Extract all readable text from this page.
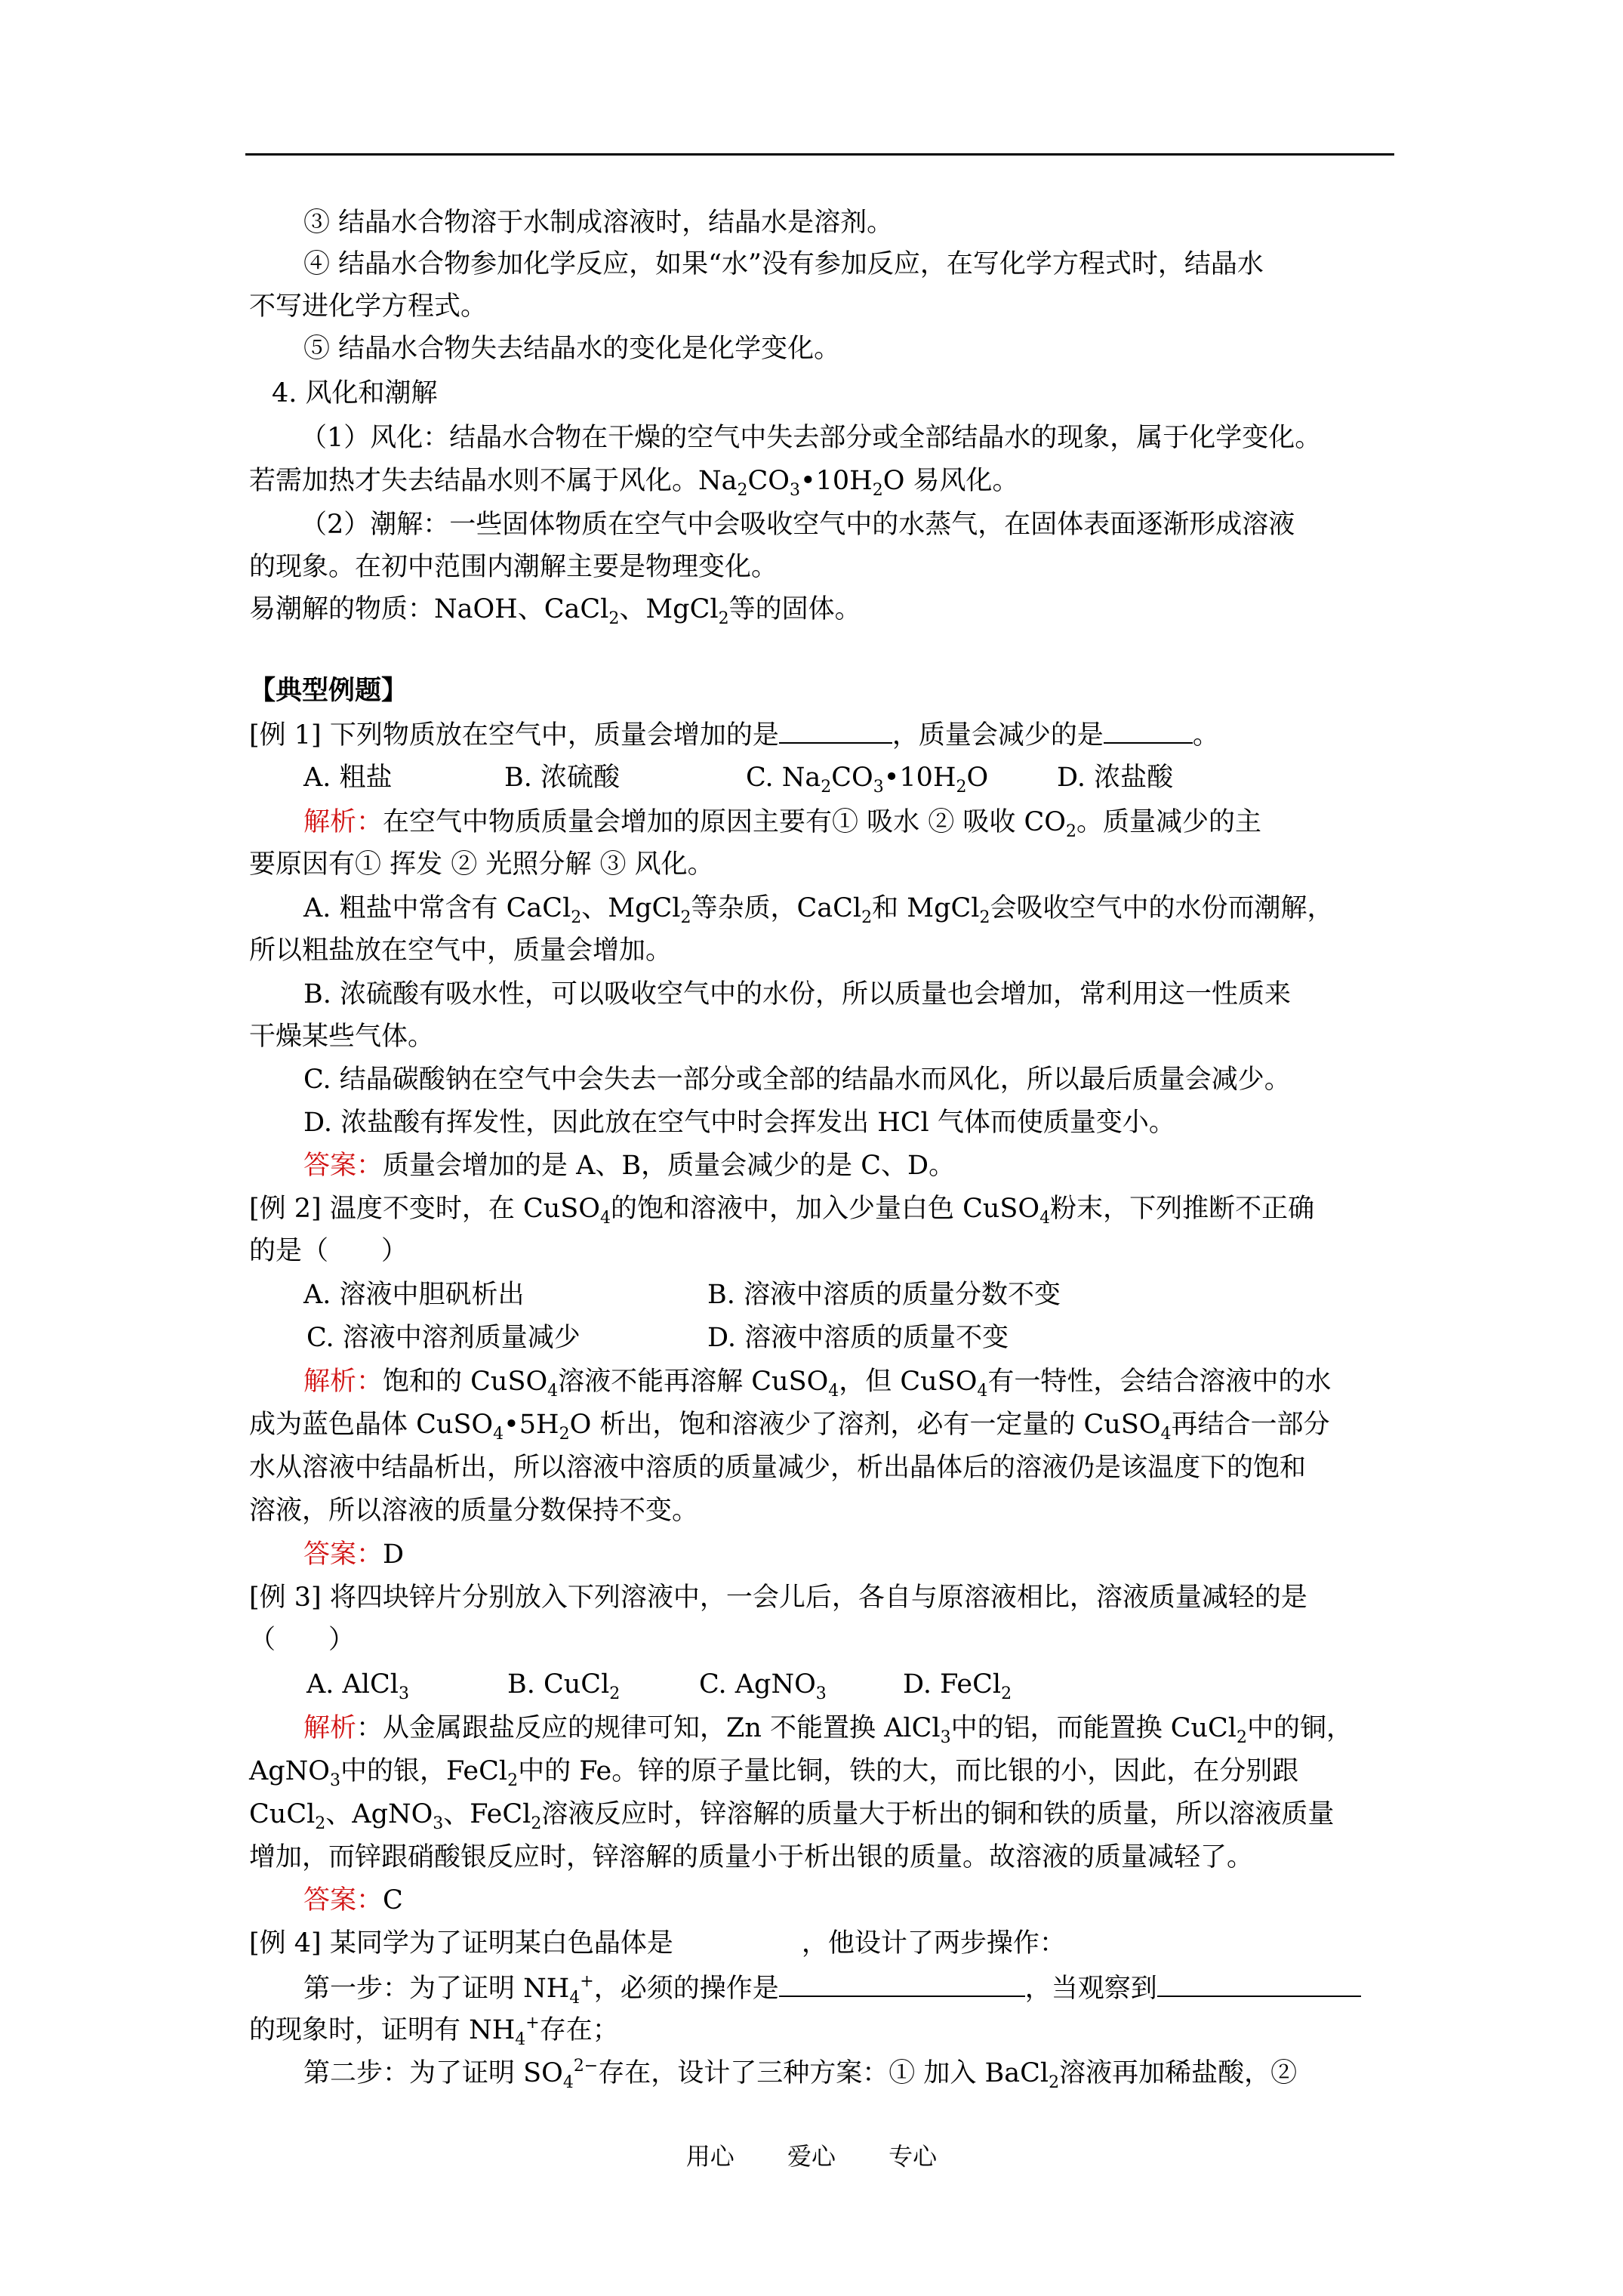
③ 结晶水合物溶于水制成溶液时，结晶水是溶剂。
④ 结晶水合物参加化学反应，如果“水”没有参加反应，在写化学方程式时，结晶水
不写进化学方程式。
⑤ 结晶水合物失去结晶水的变化是化学变化。
4. 风化和潮解
（1）风化：结晶水合物在干燥的空气中失去部分或全部结晶水的现象，属于化学变化。
若需加热才失去结晶水则不属于风化。$Na_2CO_3•10H_2O$ 易风化。
（2）潮解：一些固体物质在空气中会吸收空气中的水蒸气，在固体表面逐渐形成溶液
的现象。在初中范围内潮解主要是物理变化。
易潮解的物质：NaOH、CaCl$_2$、MgCl$_2$等的固体。
【典型例题】
[例 1] 下列物质放在空气中，质量会增加的是	，质量会减少的是	。
A. 粗盐	B. 浓硫酸	C. $Na_2CO_3•10H_2O$	D. 浓盐酸
解析：在空气中物质质量会增加的原因主要有① 吸水 ② 吸收 $CO_2$。质量减少的主
要原因有① 挥发 ② 光照分解 ③ 风化。
A. 粗盐中常含有 CaCl$_2$、MgCl$_2$等杂质，CaCl$_2$和 MgCl$_2$会吸收空气中的水份而潮解，
所以粗盐放在空气中，质量会增加。
B. 浓硫酸有吸水性，可以吸收空气中的水份，所以质量也会增加，常利用这一性质来
干燥某些气体。
C. 结晶碳酸钠在空气中会失去一部分或全部的结晶水而风化，所以最后质量会减少。
D. 浓盐酸有挥发性，因此放在空气中时会挥发出 HCl 气体而使质量变小。
答案：质量会增加的是 A、B，质量会减少的是 C、D。
[例 2] 温度不变时，在 CuSO$_4$的饱和溶液中，加入少量白色 CuSO$_4$粉末，下列推断不正确
的是（　　）
A. 溶液中胆矾析出	B. 溶液中溶质的质量分数不变
C. 溶液中溶剂质量减少	D. 溶液中溶质的质量不变
解析：饱和的 CuSO$_4$溶液不能再溶解 CuSO$_4$，但 CuSO$_4$有一特性，会结合溶液中的水
成为蓝色晶体 $CuSO_4•5H_2O$ 析出，饱和溶液少了溶剂，必有一定量的 CuSO$_4$再结合一部分
水从溶液中结晶析出，所以溶液中溶质的质量减少，析出晶体后的溶液仍是该温度下的饱和
溶液，所以溶液的质量分数保持不变。
答案：D
[例 3] 将四块锌片分别放入下列溶液中，一会儿后，各自与原溶液相比，溶液质量减轻的是
（　　）
A. AlCl$_3$	B. CuCl$_2$	C. AgNO$_3$	D. FeCl$_2$
解析：从金属跟盐反应的规律可知，Zn 不能置换 AlCl$_3$中的铝，而能置换 CuCl$_2$中的铜，
AgNO$_3$中的银，FeCl$_2$中的 Fe。锌的原子量比铜，铁的大，而比银的小，因此，在分别跟
CuCl$_2$、AgNO$_3$、FeCl$_2$溶液反应时，锌溶解的质量大于析出的铜和铁的质量，所以溶液质量
增加，而锌跟硝酸银反应时，锌溶解的质量小于析出银的质量。故溶液的质量减轻了。
答案：C
[例 4] 某同学为了证明某白色晶体是	，他设计了两步操作：
第一步：为了证明 $NH_4^+$，必须的操作是	，当观察到
的现象时，证明有 $NH_4^+$存在；
第二步：为了证明 $SO_4^{2-}$存在，设计了三种方案：① 加入 BaCl$_2$溶液再加稀盐酸，②
用心 爱心 专心
